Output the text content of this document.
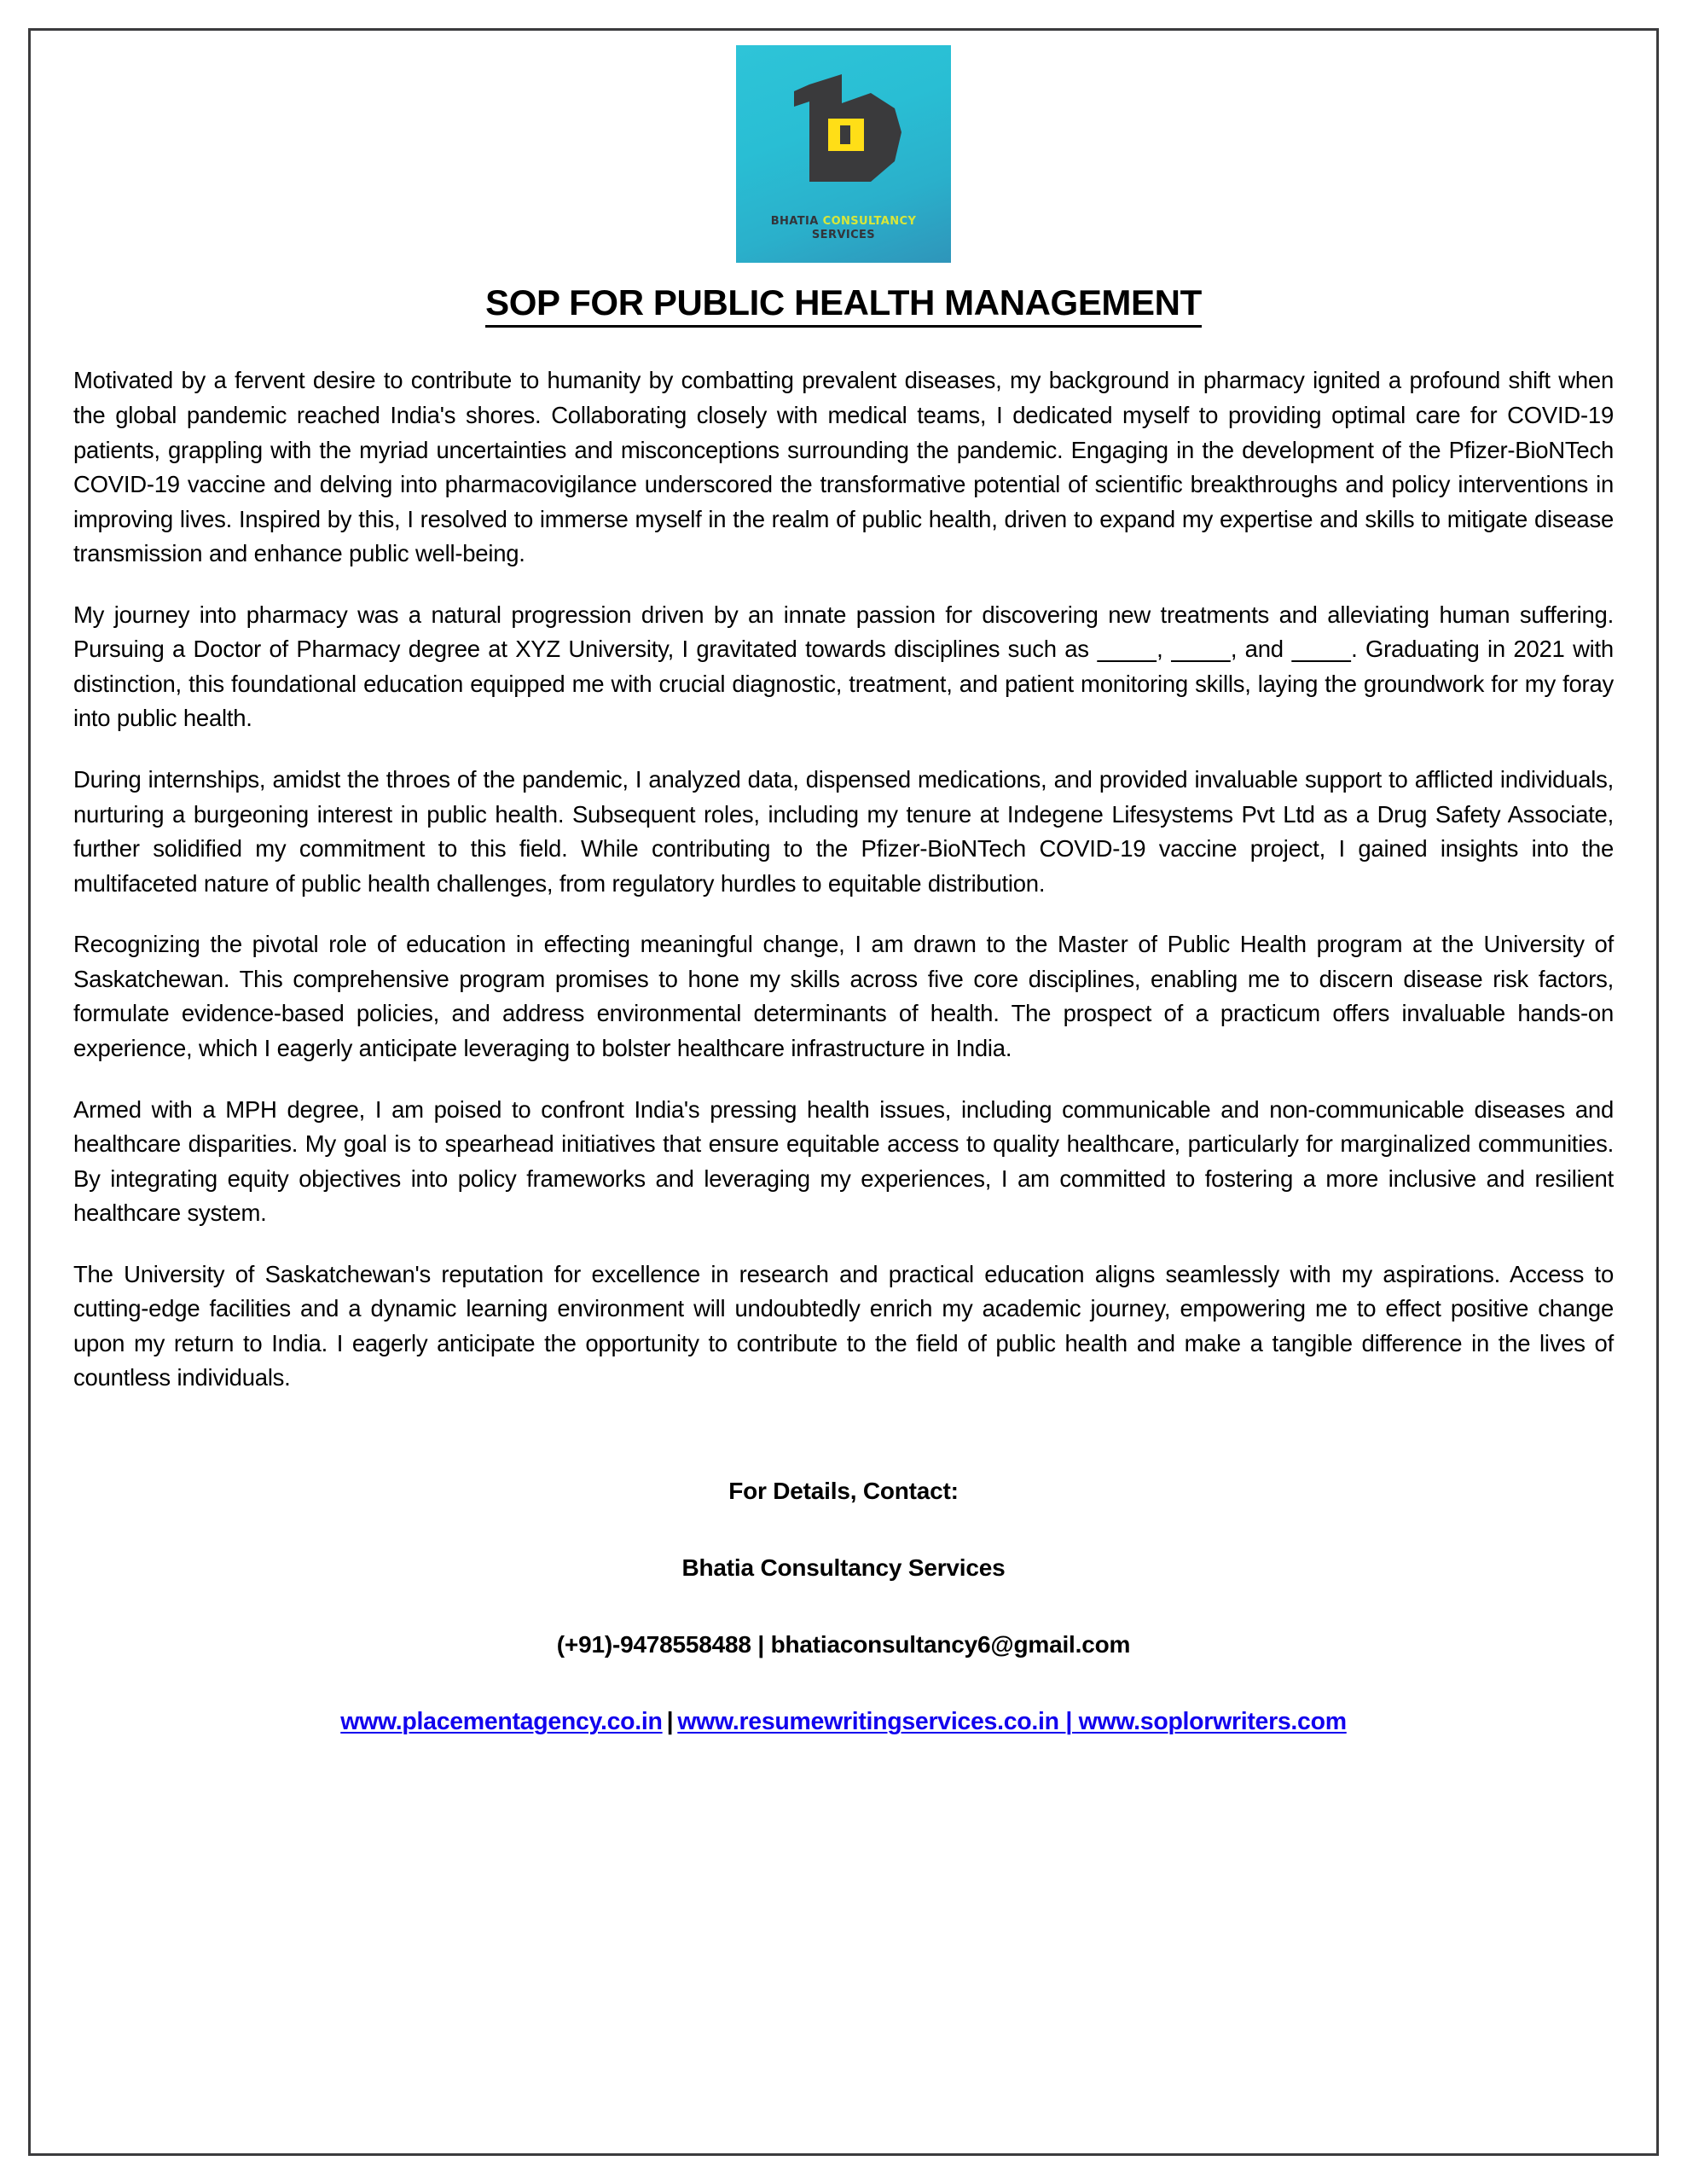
BHATIA CONSULTANCY
SERVICES
SOP FOR PUBLIC HEALTH MANAGEMENT

Motivated by a fervent desire to contribute to humanity by combatting prevalent diseases, my background in pharmacy ignited a profound shift when the global pandemic reached India's shores. Collaborating closely with medical teams, I dedicated myself to providing optimal care for COVID-19 patients, grappling with the myriad uncertainties and misconceptions surrounding the pandemic. Engaging in the development of the Pfizer-BioNTech COVID-19 vaccine and delving into pharmacovigilance underscored the transformative potential of scientific breakthroughs and policy interventions in improving lives. Inspired by this, I resolved to immerse myself in the realm of public health, driven to expand my expertise and skills to mitigate disease transmission and enhance public well-being.

My journey into pharmacy was a natural progression driven by an innate passion for discovering new treatments and alleviating human suffering. Pursuing a Doctor of Pharmacy degree at XYZ University, I gravitated towards disciplines such as	,	, and	. Graduating in 2021 with distinction, this foundational education equipped me with crucial diagnostic, treatment, and patient monitoring skills, laying the groundwork for my foray into public health.

During internships, amidst the throes of the pandemic, I analyzed data, dispensed medications, and provided invaluable support to afflicted individuals, nurturing a burgeoning interest in public health. Subsequent roles, including my tenure at Indegene Lifesystems Pvt Ltd as a Drug Safety Associate, further solidified my commitment to this field. While contributing to the Pfizer-BioNTech COVID-19 vaccine project, I gained insights into the multifaceted nature of public health challenges, from regulatory hurdles to equitable distribution.

Recognizing the pivotal role of education in effecting meaningful change, I am drawn to the Master of Public Health program at the University of Saskatchewan. This comprehensive program promises to hone my skills across five core disciplines, enabling me to discern disease risk factors, formulate evidence-based policies, and address environmental determinants of health. The prospect of a practicum offers invaluable hands-on experience, which I eagerly anticipate leveraging to bolster healthcare infrastructure in India.

Armed with a MPH degree, I am poised to confront India's pressing health issues, including communicable and non-communicable diseases and healthcare disparities. My goal is to spearhead initiatives that ensure equitable access to quality healthcare, particularly for marginalized communities. By integrating equity objectives into policy frameworks and leveraging my experiences, I am committed to fostering a more inclusive and resilient healthcare system.

The University of Saskatchewan's reputation for excellence in research and practical education aligns seamlessly with my aspirations. Access to cutting-edge facilities and a dynamic learning environment will undoubtedly enrich my academic journey, empowering me to effect positive change upon my return to India. I eagerly anticipate the opportunity to contribute to the field of public health and make a tangible difference in the lives of countless individuals.

For Details, Contact:
Bhatia Consultancy Services
(+91)-9478558488 | bhatiaconsultancy6@gmail.com
www.placementagency.co.in | www.resumewritingservices.co.in | www.soplorwriters.com
